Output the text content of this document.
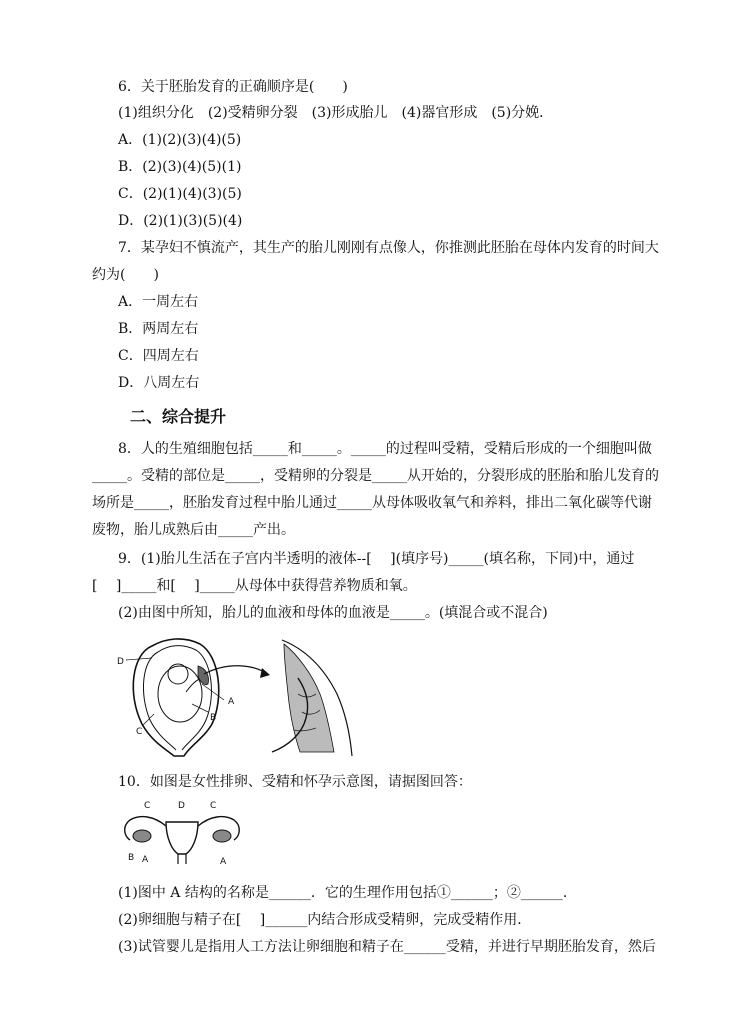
6．关于胚胎发育的正确顺序是(　　)
(1)组织分化　(2)受精卵分裂　(3)形成胎儿　(4)器官形成　(5)分娩．
A．(1)(2)(3)(4)(5)
B．(2)(3)(4)(5)(1)
C．(2)(1)(4)(3)(5)
D．(2)(1)(3)(5)(4)
7．某孕妇不慎流产，其生产的胎儿刚刚有点像人，你推测此胚胎在母体内发育的时间大
约为(　　)
A．一周左右
B．两周左右
C．四周左右
D．八周左右
二、综合提升
8．人的生殖细胞包括_____和_____。_____的过程叫受精，受精后形成的一个细胞叫做
_____。受精的部位是_____，受精卵的分裂是_____从开始的，分裂形成的胚胎和胎儿发育的
场所是_____，胚胎发育过程中胎儿通过_____从母体吸收氧气和养料，排出二氧化碳等代谢
废物，胎儿成熟后由_____产出。
9．(1)胎儿生活在子宫内半透明的液体--[　 ](填序号)_____(填名称，下同)中，通过
[　 ]_____和[　 ]_____从母体中获得营养物质和氧。
(2)由图中所知，胎儿的血液和母体的血液是_____。(填混合或不混合)
D
A
B
C
10．如图是女性排卵、受精和怀孕示意图，请据图回答：
C	D	C
B A	A
(1)图中 A 结构的名称是______．它的生理作用包括①______；②______．
(2)卵细胞与精子在[　 ]______内结合形成受精卵，完成受精作用．
(3)试管婴儿是指用人工方法让卵细胞和精子在______受精，并进行早期胚胎发育，然后
